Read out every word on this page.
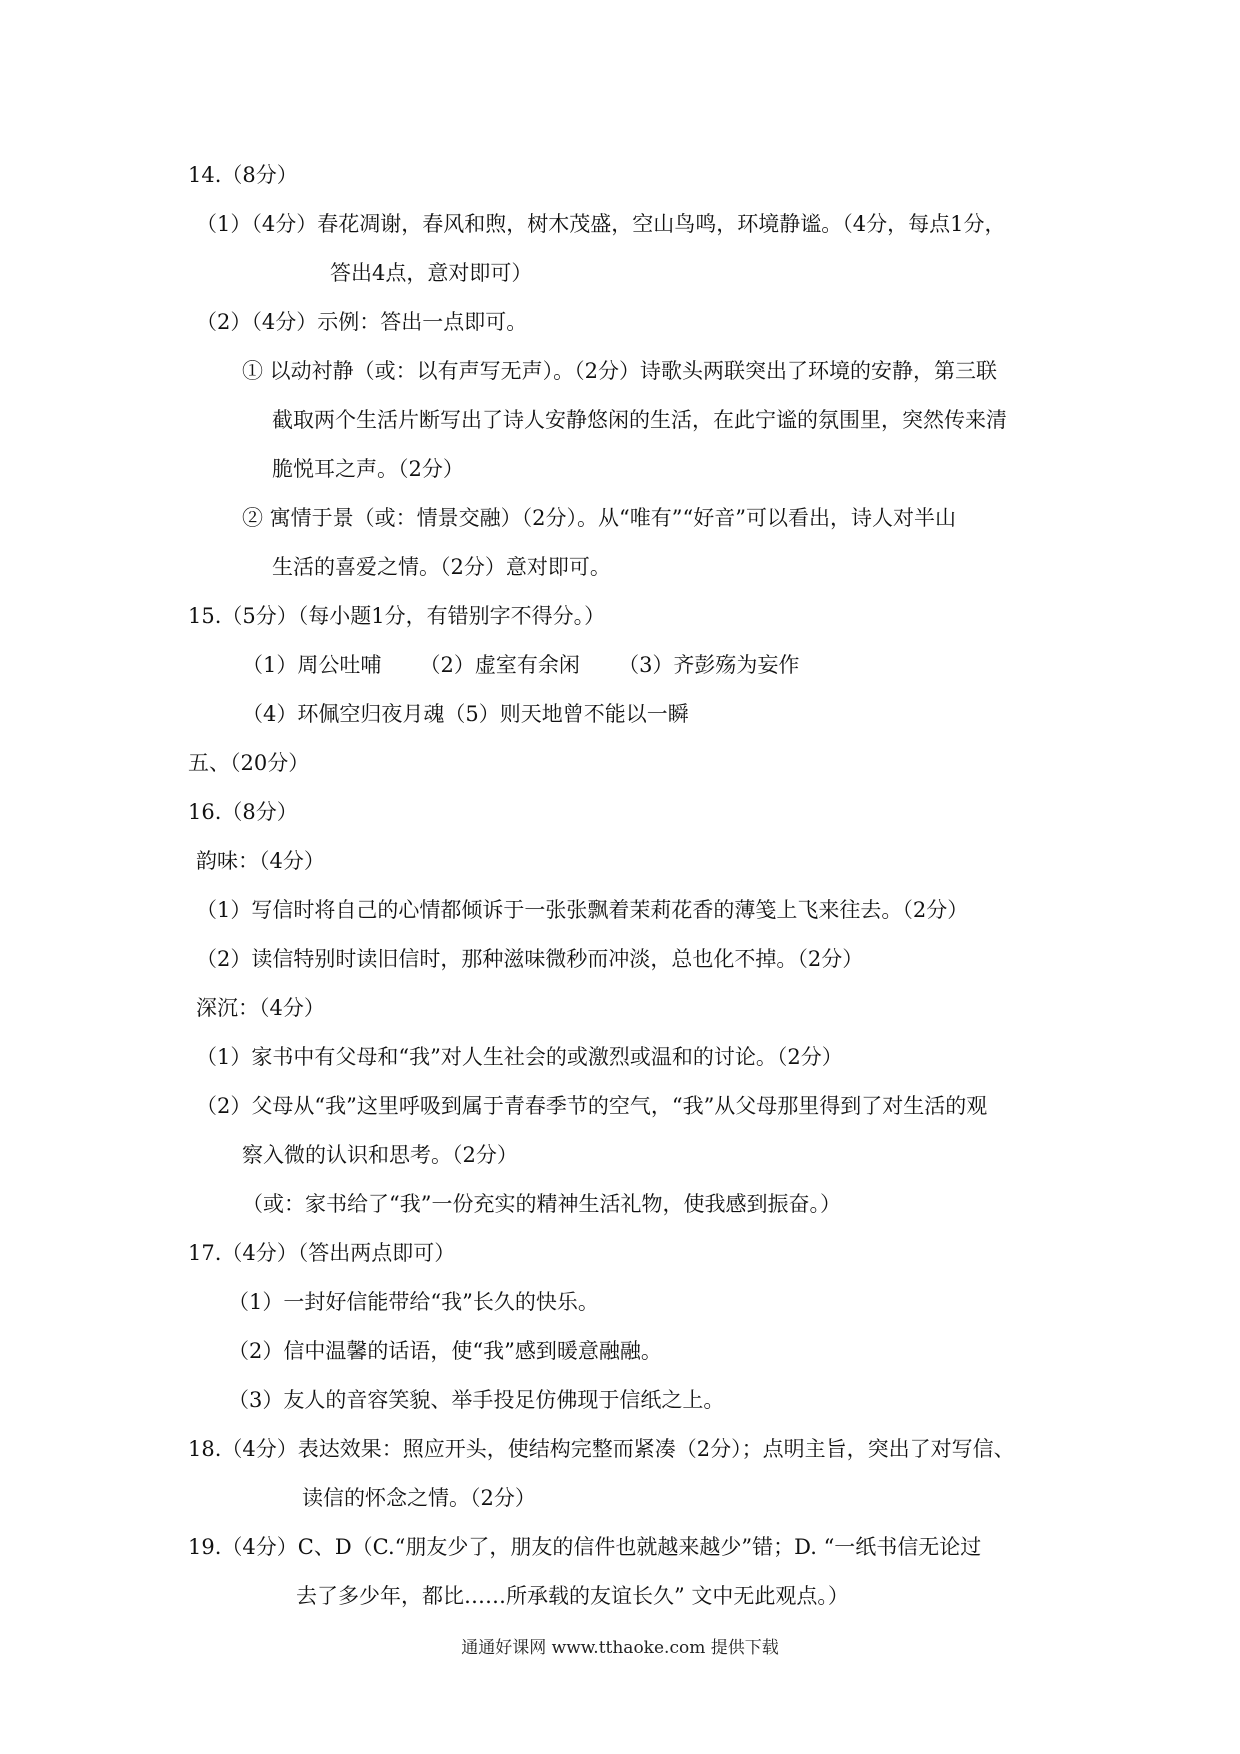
14.（8分）
（1）（4分）春花凋谢，春风和煦，树木茂盛，空山鸟鸣，环境静谧。（4分，每点1分，
答出4点，意对即可）
（2）（4分）示例：答出一点即可。
① 以动衬静（或：以有声写无声）。（2分）诗歌头两联突出了环境的安静，第三联
截取两个生活片断写出了诗人安静悠闲的生活，在此宁谧的氛围里，突然传来清
脆悦耳之声。（2分）
② 寓情于景（或：情景交融）（2分）。从“唯有”“好音”可以看出，诗人对半山
生活的喜爱之情。（2分）意对即可。
15.（5分）（每小题1分，有错别字不得分。）
（1）周公吐哺 　　（2）虚室有余闲 　　（3）齐彭殇为妄作
（4）环佩空归夜月魂（5）则天地曾不能以一瞬
五、（20分）
16.（8分）
韵味：（4分）
（1）写信时将自己的心情都倾诉于一张张飘着茉莉花香的薄笺上飞来往去。（2分）
（2）读信特别时读旧信时，那种滋味微秒而冲淡，总也化不掉。（2分）
深沉：（4分）
（1）家书中有父母和“我”对人生社会的或激烈或温和的讨论。（2分）
（2）父母从“我”这里呼吸到属于青春季节的空气，“我”从父母那里得到了对生活的观
察入微的认识和思考。（2分）
（或：家书给了“我”一份充实的精神生活礼物，使我感到振奋。）
17.（4分）（答出两点即可）
（1）一封好信能带给“我”长久的快乐。
（2）信中温馨的话语，使“我”感到暖意融融。
（3）友人的音容笑貌、举手投足仿佛现于信纸之上。
18.（4分）表达效果：照应开头，使结构完整而紧凑（2分）；点明主旨，突出了对写信、
读信的怀念之情。（2分）
19.（4分）C、D（C.“朋友少了，朋友的信件也就越来越少”错；D. “一纸书信无论过
去了多少年，都比……所承载的友谊长久” 文中无此观点。）
通通好课网 www.tthaoke.com 提供下载
